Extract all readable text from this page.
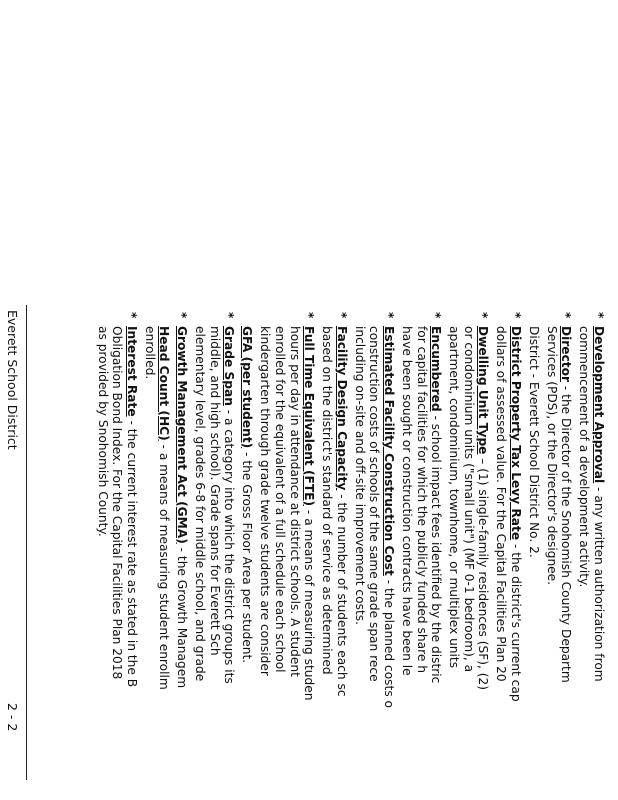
*
Development Approval - any written authorization from
commencement of a development activity.
*
Director - the Director of the Snohomish County Departm
Services (PDS), or the Director's designee.
District - Everett School District No. 2.
*
District Property Tax Levy Rate - the district's current cap
dollars of assessed value. For the Capital Facilities Plan 20
*
Dwelling Unit Type – (1) single-family residences (SF), (2)
or condominium units ("small unit") (MF 0-1 bedroom), a
apartment, condominium, townhome, or multiplex units
*
Encumbered - school impact fees identified by the distric
for capital facilities for which the publicly funded share h
have been sought or construction contracts have been le
*
Estimated Facility Construction Cost - the planned costs o
construction costs of schools of the same grade span rece
including on-site and off-site improvement costs.
*
Facility Design Capacity - the number of students each sc
based on the district's standard of service as determined
*
Full Time Equivalent (FTE) - a means of measuring studen
hours per day in attendance at district schools. A student
enrolled for the equivalent of a full schedule each school
kindergarten through grade twelve students are consider
GFA (per student) - the Gross Floor Area per student.
*
Grade Span - a category into which the district groups its
middle, and high school). Grade spans for Everett Sch
elementary level, grades 6-8 for middle school, and grade
*
Growth Management Act (GMA) - the Growth Managem
Head Count (HC) - a means of measuring student enrollm
enrolled.
*
Interest Rate - the current interest rate as stated in the B
Obligation Bond Index. For the Capital Facilities Plan 2018
as provided by Snohomish County.
Everett School District
2 - 2
